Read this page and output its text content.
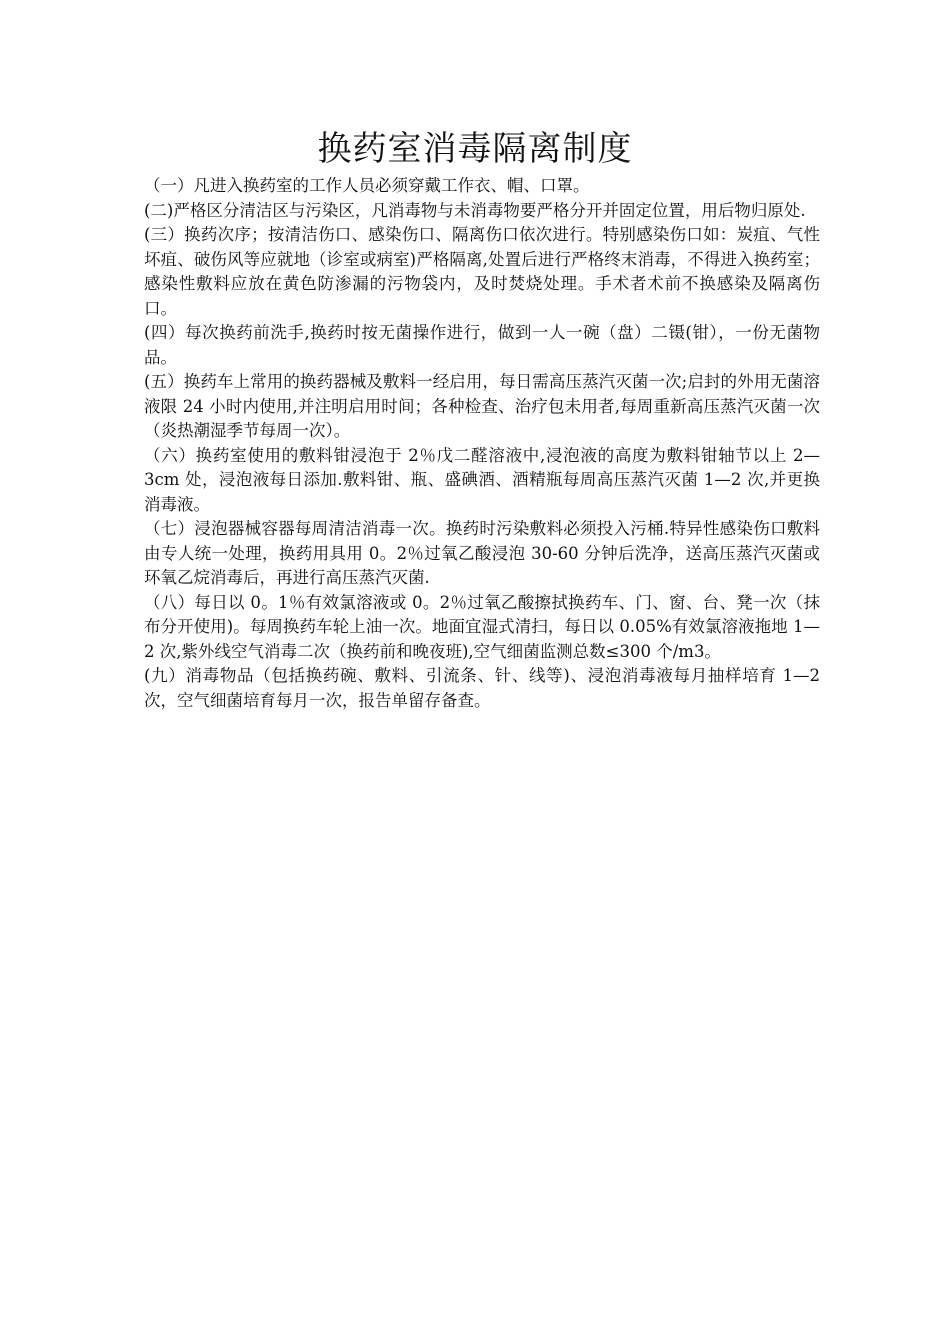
换药室消毒隔离制度

（一）凡进入换药室的工作人员必须穿戴工作衣、帽、口罩。

(二)严格区分清洁区与污染区，凡消毒物与未消毒物要严格分开并固定位置，用后物归原处.

(三）换药次序；按清洁伤口、感染伤口、隔离伤口依次进行。特别感染伤口如：炭疽、气性坏疽、破伤风等应就地（诊室或病室)严格隔离,处置后进行严格终末消毒，不得进入换药室；感染性敷料应放在黄色防渗漏的污物袋内，及时焚烧处理。手术者术前不换感染及隔离伤口。

(四）每次换药前洗手,换药时按无菌操作进行，做到一人一碗（盘）二镊(钳），一份无菌物品。

(五）换药车上常用的换药器械及敷料一经启用，每日需高压蒸汽灭菌一次;启封的外用无菌溶液限 24 小时内使用,并注明启用时间；各种检查、治疗包未用者,每周重新高压蒸汽灭菌一次（炎热潮湿季节每周一次）。

（六）换药室使用的敷料钳浸泡于 2％戊二醛溶液中,浸泡液的高度为敷料钳轴节以上 2—3cm 处，浸泡液每日添加.敷料钳、瓶、盛碘酒、酒精瓶每周高压蒸汽灭菌 1—2 次,并更换消毒液。

（七）浸泡器械容器每周清洁消毒一次。换药时污染敷料必须投入污桶.特异性感染伤口敷料由专人统一处理，换药用具用 0。2％过氧乙酸浸泡 30-60 分钟后洗净，送高压蒸汽灭菌或环氧乙烷消毒后，再进行高压蒸汽灭菌.

（八）每日以 0。1％有效氯溶液或 0。2％过氧乙酸擦拭换药车、门、窗、台、凳一次（抹布分开使用)。每周换药车轮上油一次。地面宜湿式清扫，每日以 0.05%有效氯溶液拖地 1—2 次,紫外线空气消毒二次（换药前和晚夜班),空气细菌监测总数≤300 个/m3。

(九）消毒物品（包括换药碗、敷料、引流条、针、线等)、浸泡消毒液每月抽样培育 1—2 次，空气细菌培育每月一次，报告单留存备查。
